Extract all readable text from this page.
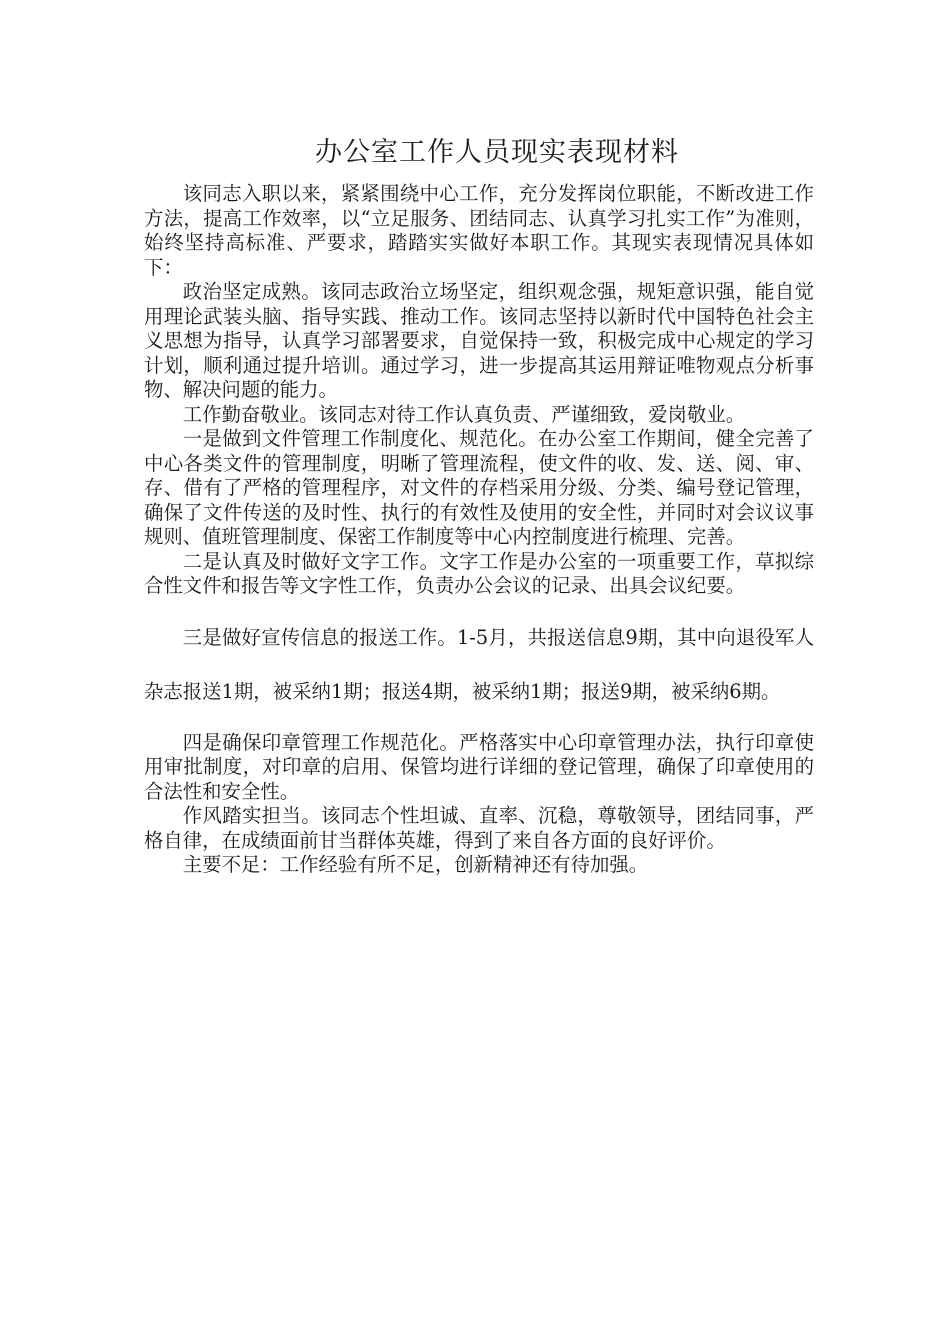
办公室工作人员现实表现材料

该同志入职以来，紧紧围绕中心工作，充分发挥岗位职能，不断改进工作方法，提高工作效率，以“立足服务、团结同志、认真学习扎实工作”为准则，始终坚持高标准、严要求，踏踏实实做好本职工作。其现实表现情况具体如下：

政治坚定成熟。该同志政治立场坚定，组织观念强，规矩意识强，能自觉用理论武装头脑、指导实践、推动工作。该同志坚持以新时代中国特色社会主义思想为指导，认真学习部署要求，自觉保持一致，积极完成中心规定的学习计划，顺利通过提升培训。通过学习，进一步提高其运用辩证唯物观点分析事物、解决问题的能力。

工作勤奋敬业。该同志对待工作认真负责、严谨细致，爱岗敬业。

一是做到文件管理工作制度化、规范化。在办公室工作期间，健全完善了中心各类文件的管理制度，明晰了管理流程，使文件的收、发、送、阅、审、存、借有了严格的管理程序，对文件的存档采用分级、分类、编号登记管理，确保了文件传送的及时性、执行的有效性及使用的安全性，并同时对会议议事规则、值班管理制度、保密工作制度等中心内控制度进行梳理、完善。

二是认真及时做好文字工作。文字工作是办公室的一项重要工作，草拟综合性文件和报告等文字性工作，负责办公会议的记录、出具会议纪要。

三是做好宣传信息的报送工作。1-5月，共报送信息9期，其中向退役军人杂志报送1期，被采纳1期；报送4期，被采纳1期；报送9期，被采纳6期。

四是确保印章管理工作规范化。严格落实中心印章管理办法，执行印章使用审批制度，对印章的启用、保管均进行详细的登记管理，确保了印章使用的合法性和安全性。

作风踏实担当。该同志个性坦诚、直率、沉稳，尊敬领导，团结同事，严格自律，在成绩面前甘当群体英雄，得到了来自各方面的良好评价。

主要不足：工作经验有所不足，创新精神还有待加强。
